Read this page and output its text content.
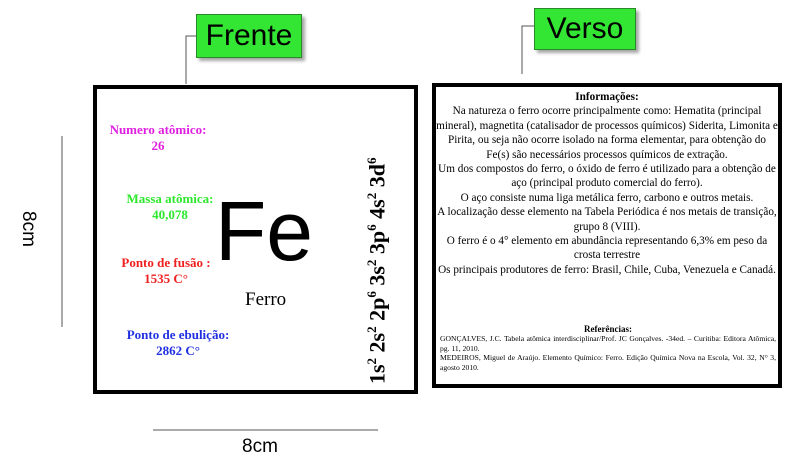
Frente	Verso
8cm
8cm
Numero atômico:
26
Massa atômica:
40,078
Ponto de fusão :
1535 C°
Ponto de ebulição:
2862 C°
Fe
Ferro
$1s^2$ $2s^2$ $2p^6$ $3s^2$ $3p^6$ $4s^2$ $3d^6$
Informações:

Na natureza o ferro ocorre principalmente como: Hematita (principal mineral), magnetita (catalisador de processos químicos) Siderita, Limonita e Pirita, ou seja não ocorre isolado na forma elementar, para obtenção do Fe(s) são necessários processos químicos de extração.

Um dos compostos do ferro, o óxido de ferro é utilizado para a obtenção de aço (principal produto comercial do ferro).

O aço consiste numa liga metálica ferro, carbono e outros metais.

A localização desse elemento na Tabela Periódica é nos metais de transição, grupo 8 (VIII).

O ferro é o 4° elemento em abundância representando 6,3% em peso da crosta terrestre

Os principais produtores de ferro: Brasil, Chile, Cuba, Venezuela e Canadá.

Referências:

GONÇALVES, J.C. Tabela atômica interdisciplinar/Prof. JC Gonçalves. -34ed. – Curitiba: Editora Atômica, pg. 11, 2010.

MEDEIROS, Miguel de Araújo. Elemento Químico: Ferro. Edição Química Nova na Escola, Vol. 32, N° 3, agosto 2010.
